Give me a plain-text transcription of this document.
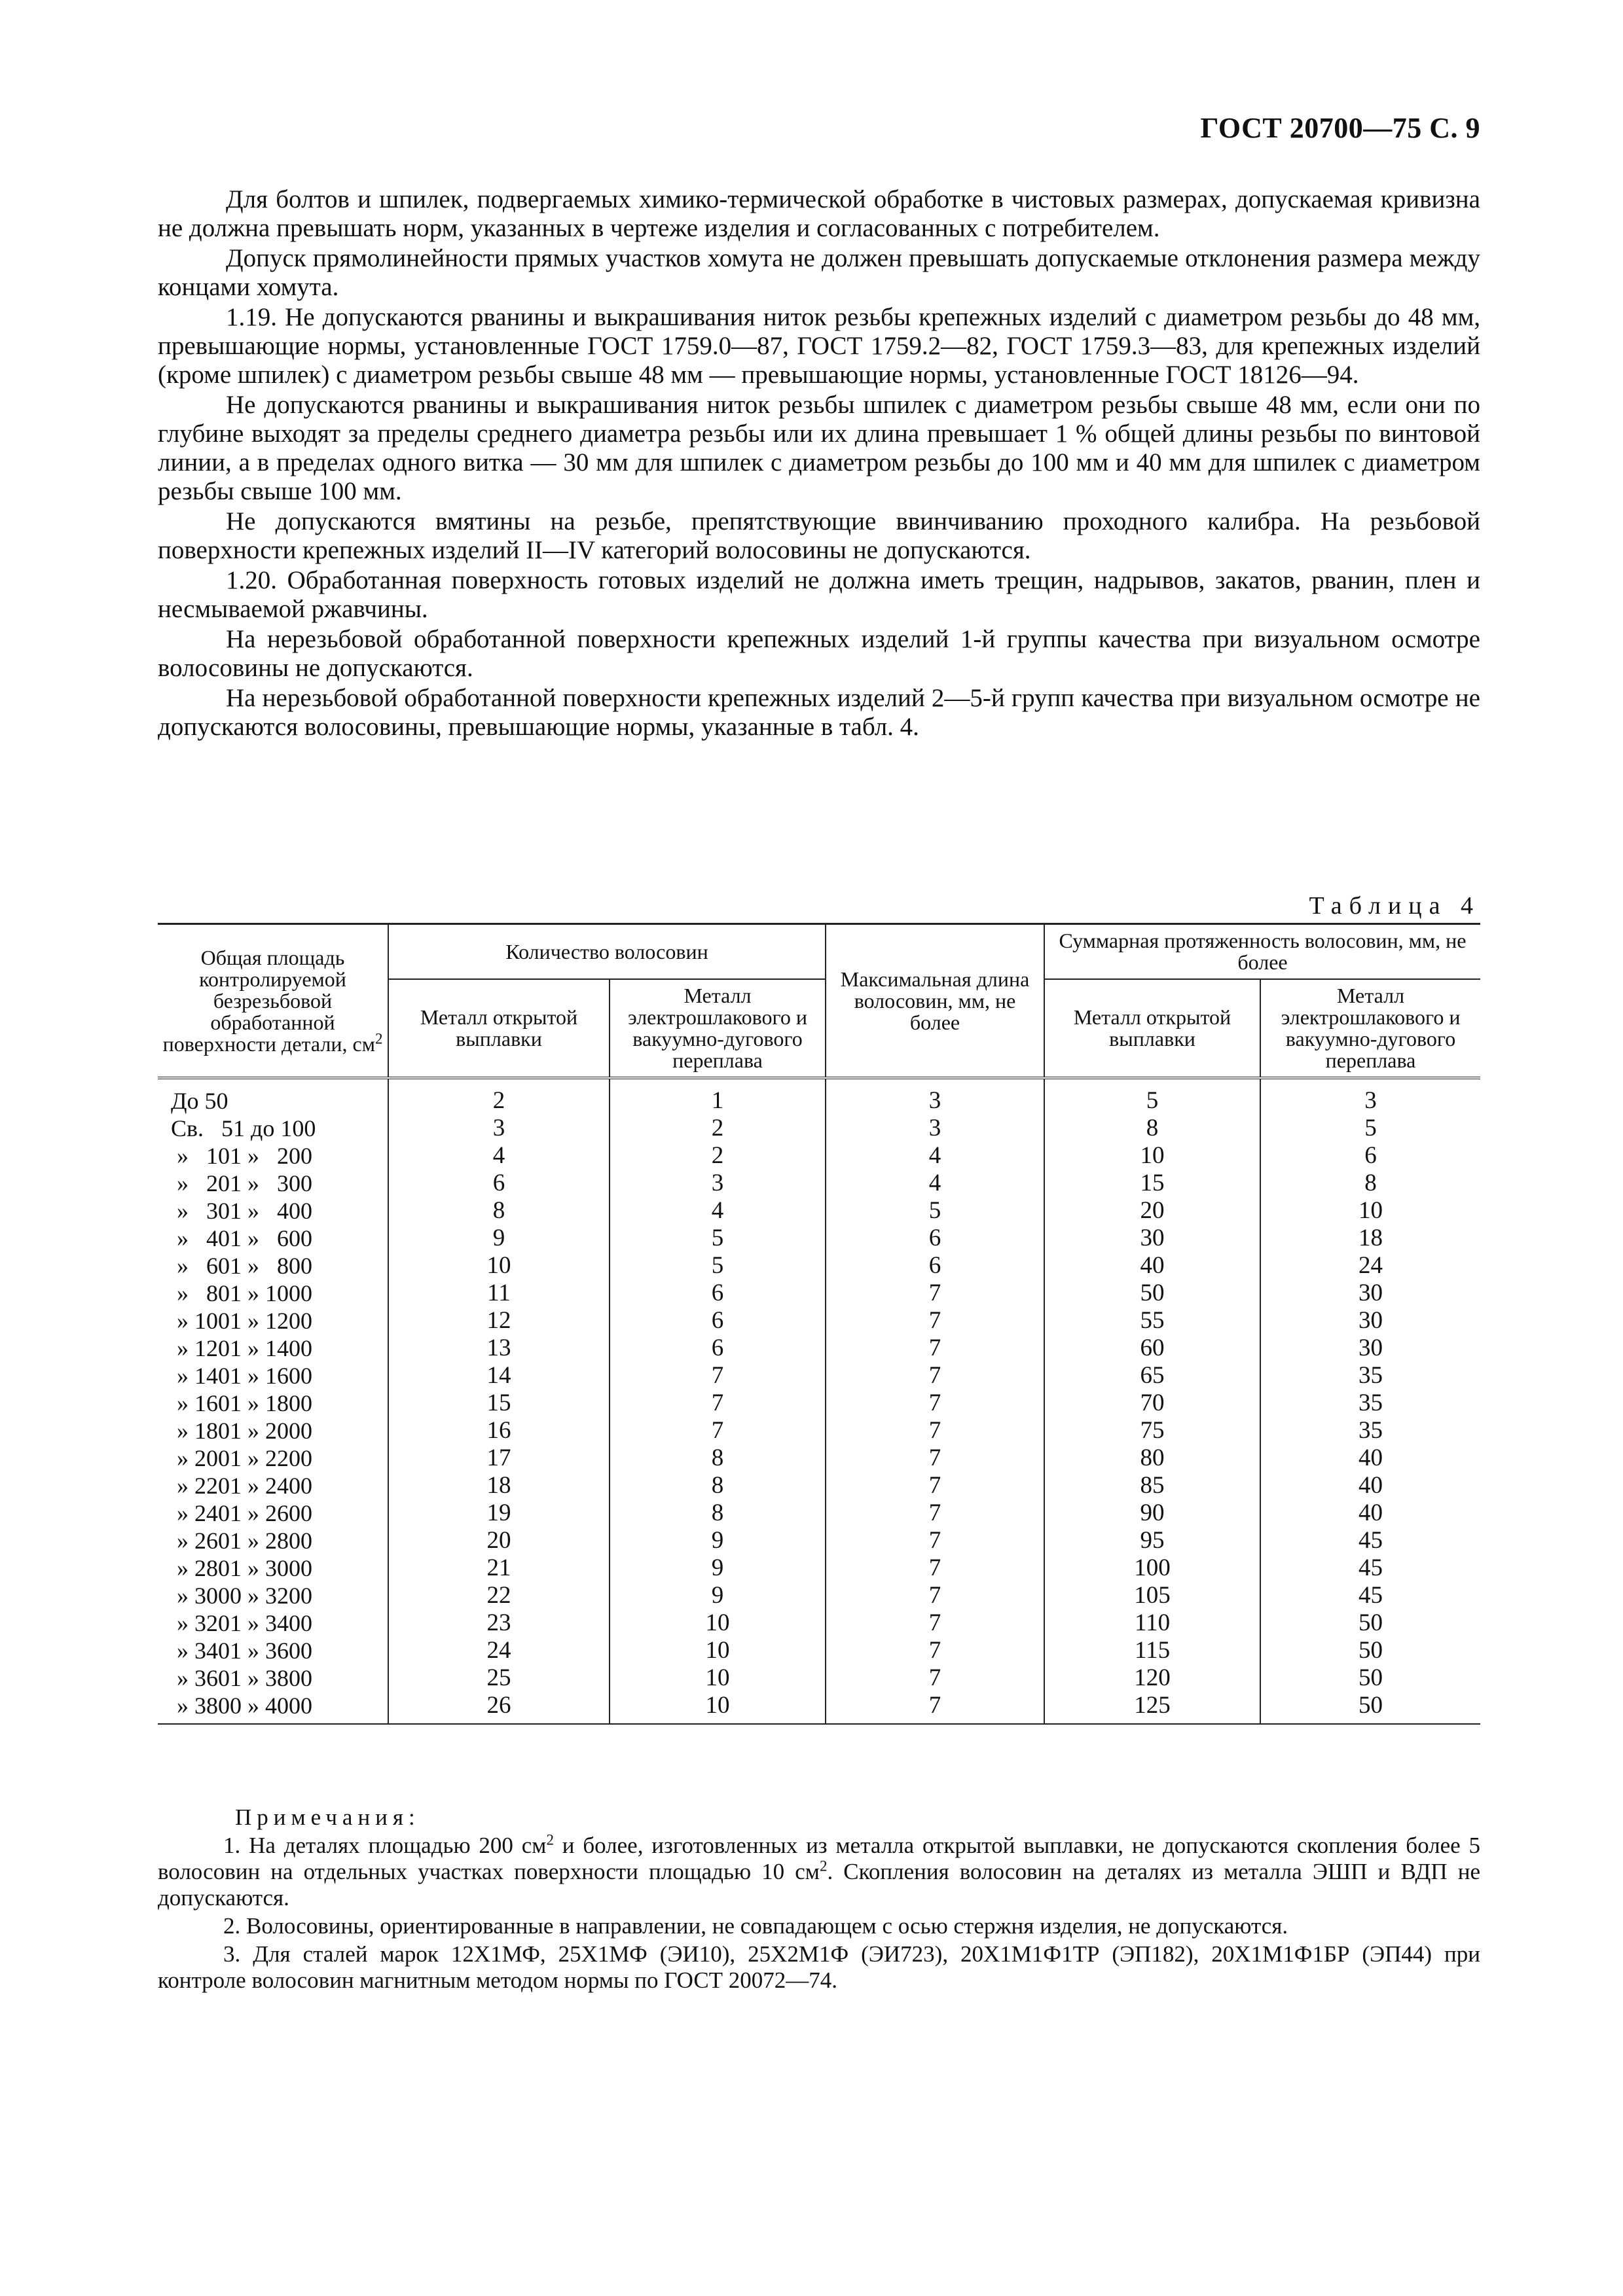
ГОСТ 20700—75 С. 9

Для болтов и шпилек, подвергаемых химико-термической обработке в чистовых размерах, допускаемая кривизна не должна превышать норм, указанных в чертеже изделия и согласованных с потребителем.

Допуск прямолинейности прямых участков хомута не должен превышать допускаемые отклонения размера между концами хомута.

1.19. Не допускаются рванины и выкрашивания ниток резьбы крепежных изделий с диаметром резьбы до 48 мм, превышающие нормы, установленные ГОСТ 1759.0—87, ГОСТ 1759.2—82, ГОСТ 1759.3—83, для крепежных изделий (кроме шпилек) с диаметром резьбы свыше 48 мм — превышающие нормы, установленные ГОСТ 18126—94.

Не допускаются рванины и выкрашивания ниток резьбы шпилек с диаметром резьбы свыше 48 мм, если они по глубине выходят за пределы среднего диаметра резьбы или их длина превышает 1 % общей длины резьбы по винтовой линии, а в пределах одного витка — 30 мм для шпилек с диаметром резьбы до 100 мм и 40 мм для шпилек с диаметром резьбы свыше 100 мм.

Не допускаются вмятины на резьбе, препятствующие ввинчиванию проходного калибра. На резьбовой поверхности крепежных изделий II—IV категорий волосовины не допускаются.

1.20. Обработанная поверхность готовых изделий не должна иметь трещин, надрывов, закатов, рванин, плен и несмываемой ржавчины.

На нерезьбовой обработанной поверхности крепежных изделий 1-й группы качества при визуальном осмотре волосовины не допускаются.

На нерезьбовой обработанной поверхности крепежных изделий 2—5-й групп качества при визуальном осмотре не допускаются волосовины, превышающие нормы, указанные в табл. 4.

Таблица 4
Общая площадь контролируемой безрезьбовой обработанной поверхности детали, $см^2$	Количество волосовин		Максимальная длина волосовин, мм, не более	Суммарная протяженность волосовин, мм, не более	
	Металл открытой выплавки	Металл электрошлакового и вакуумно-дугового переплава		Металл открытой выплавки	Металл электрошлакового и вакуумно-дугового переплава
До 50	2	1	3	5	3
Св.   51 до 100	3	2	3	8	5
»   101 »   200	4	2	4	10	6
»   201 »   300	6	3	4	15	8
»   301 »   400	8	4	5	20	10
»   401 »   600	9	5	6	30	18
»   601 »   800	10	5	6	40	24
»   801 » 1000	11	6	7	50	30
» 1001 » 1200	12	6	7	55	30
» 1201 » 1400	13	6	7	60	30
» 1401 » 1600	14	7	7	65	35
» 1601 » 1800	15	7	7	70	35
» 1801 » 2000	16	7	7	75	35
» 2001 » 2200	17	8	7	80	40
» 2201 » 2400	18	8	7	85	40
» 2401 » 2600	19	8	7	90	40
» 2601 » 2800	20	9	7	95	45
» 2801 » 3000	21	9	7	100	45
» 3000 » 3200	22	9	7	105	45
» 3201 » 3400	23	10	7	110	50
» 3401 » 3600	24	10	7	115	50
» 3601 » 3800	25	10	7	120	50
» 3800 » 4000	26	10	7	125	50

Примечания:

1. На деталях площадью 200 $см^2$ и более, изготовленных из металла открытой выплавки, не допускаются скопления более 5 волосовин на отдельных участках поверхности площадью 10 $см^2$. Скопления волосовин на деталях из металла ЭШП и ВДП не допускаются.

2. Волосовины, ориентированные в направлении, не совпадающем с осью стержня изделия, не допускаются.

3. Для сталей марок 12Х1МФ, 25Х1МФ (ЭИ10), 25Х2М1Ф (ЭИ723), 20Х1М1Ф1ТР (ЭП182), 20Х1М1Ф1БР (ЭП44) при контроле волосовин магнитным методом нормы по ГОСТ 20072—74.
